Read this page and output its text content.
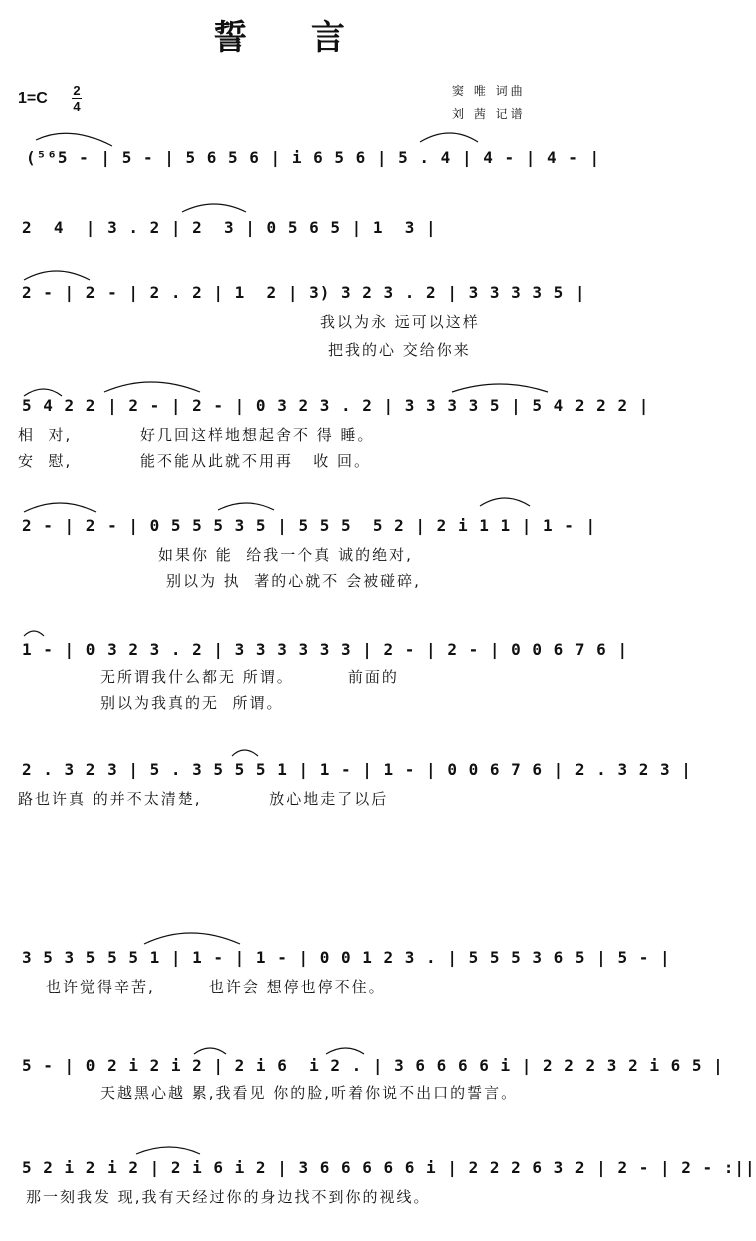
誓 言
1=C 2
4
窦 唯 词曲
刘 茜 记谱
(⁵⁶5 - | 5 - | 5 6 5 6 | i 6 5 6 | 5 . 4 | 4 - | 4 - |
2  4  | 3 . 2 | 2  3 | 0 5 6 5 | 1  3 |
2 - | 2 - | 2 . 2 | 1  2 | 3) 3 2 3 . 2 | 3 3 3 3 5 |
我以为永 远可以这样
把我的心 交给你来
5 4 2 2 | 2 - | 2 - | 0 3 2 3 . 2 | 3 3 3 3 5 | 5 4 2 2 2 |
相  对,          好几回这样地想起舍不 得 睡。
安  慰,          能不能从此就不用再   收 回。
2 - | 2 - | 0 5 5 5 3 5 | 5 5 5  5 2 | 2 i 1 1 | 1 - |
如果你 能  给我一个真 诚的绝对,
别以为 执  著的心就不 会被碰碎,
1 - | 0 3 2 3 . 2 | 3 3 3 3 3 3 | 2 - | 2 - | 0 0 6 7 6 |
无所谓我什么都无 所谓。        前面的
别以为我真的无  所谓。
2 . 3 2 3 | 5 . 3 5 5 5 1 | 1 - | 1 - | 0 0 6 7 6 | 2 . 3 2 3 |
路也许真 的并不太清楚,          放心地走了以后
3 5 3 5 5 5 1 | 1 - | 1 - | 0 0 1 2 3 . | 5 5 5 3 6 5 | 5 - |
也许觉得辛苦,        也许会 想停也停不住。
5 - | 0 2 i 2 i 2 | 2 i 6  i 2 . | 3 6 6 6 6 i | 2 2 2 3 2 i 6 5 |
天越黑心越 累,我看见 你的脸,听着你说不出口的誓言。
5 2 i 2 i 2 | 2 i 6 i 2 | 3 6 6 6 6 6 i | 2 2 2 6 3 2 | 2 - | 2 - :||
那一刻我发 现,我有天经过你的身边找不到你的视线。
